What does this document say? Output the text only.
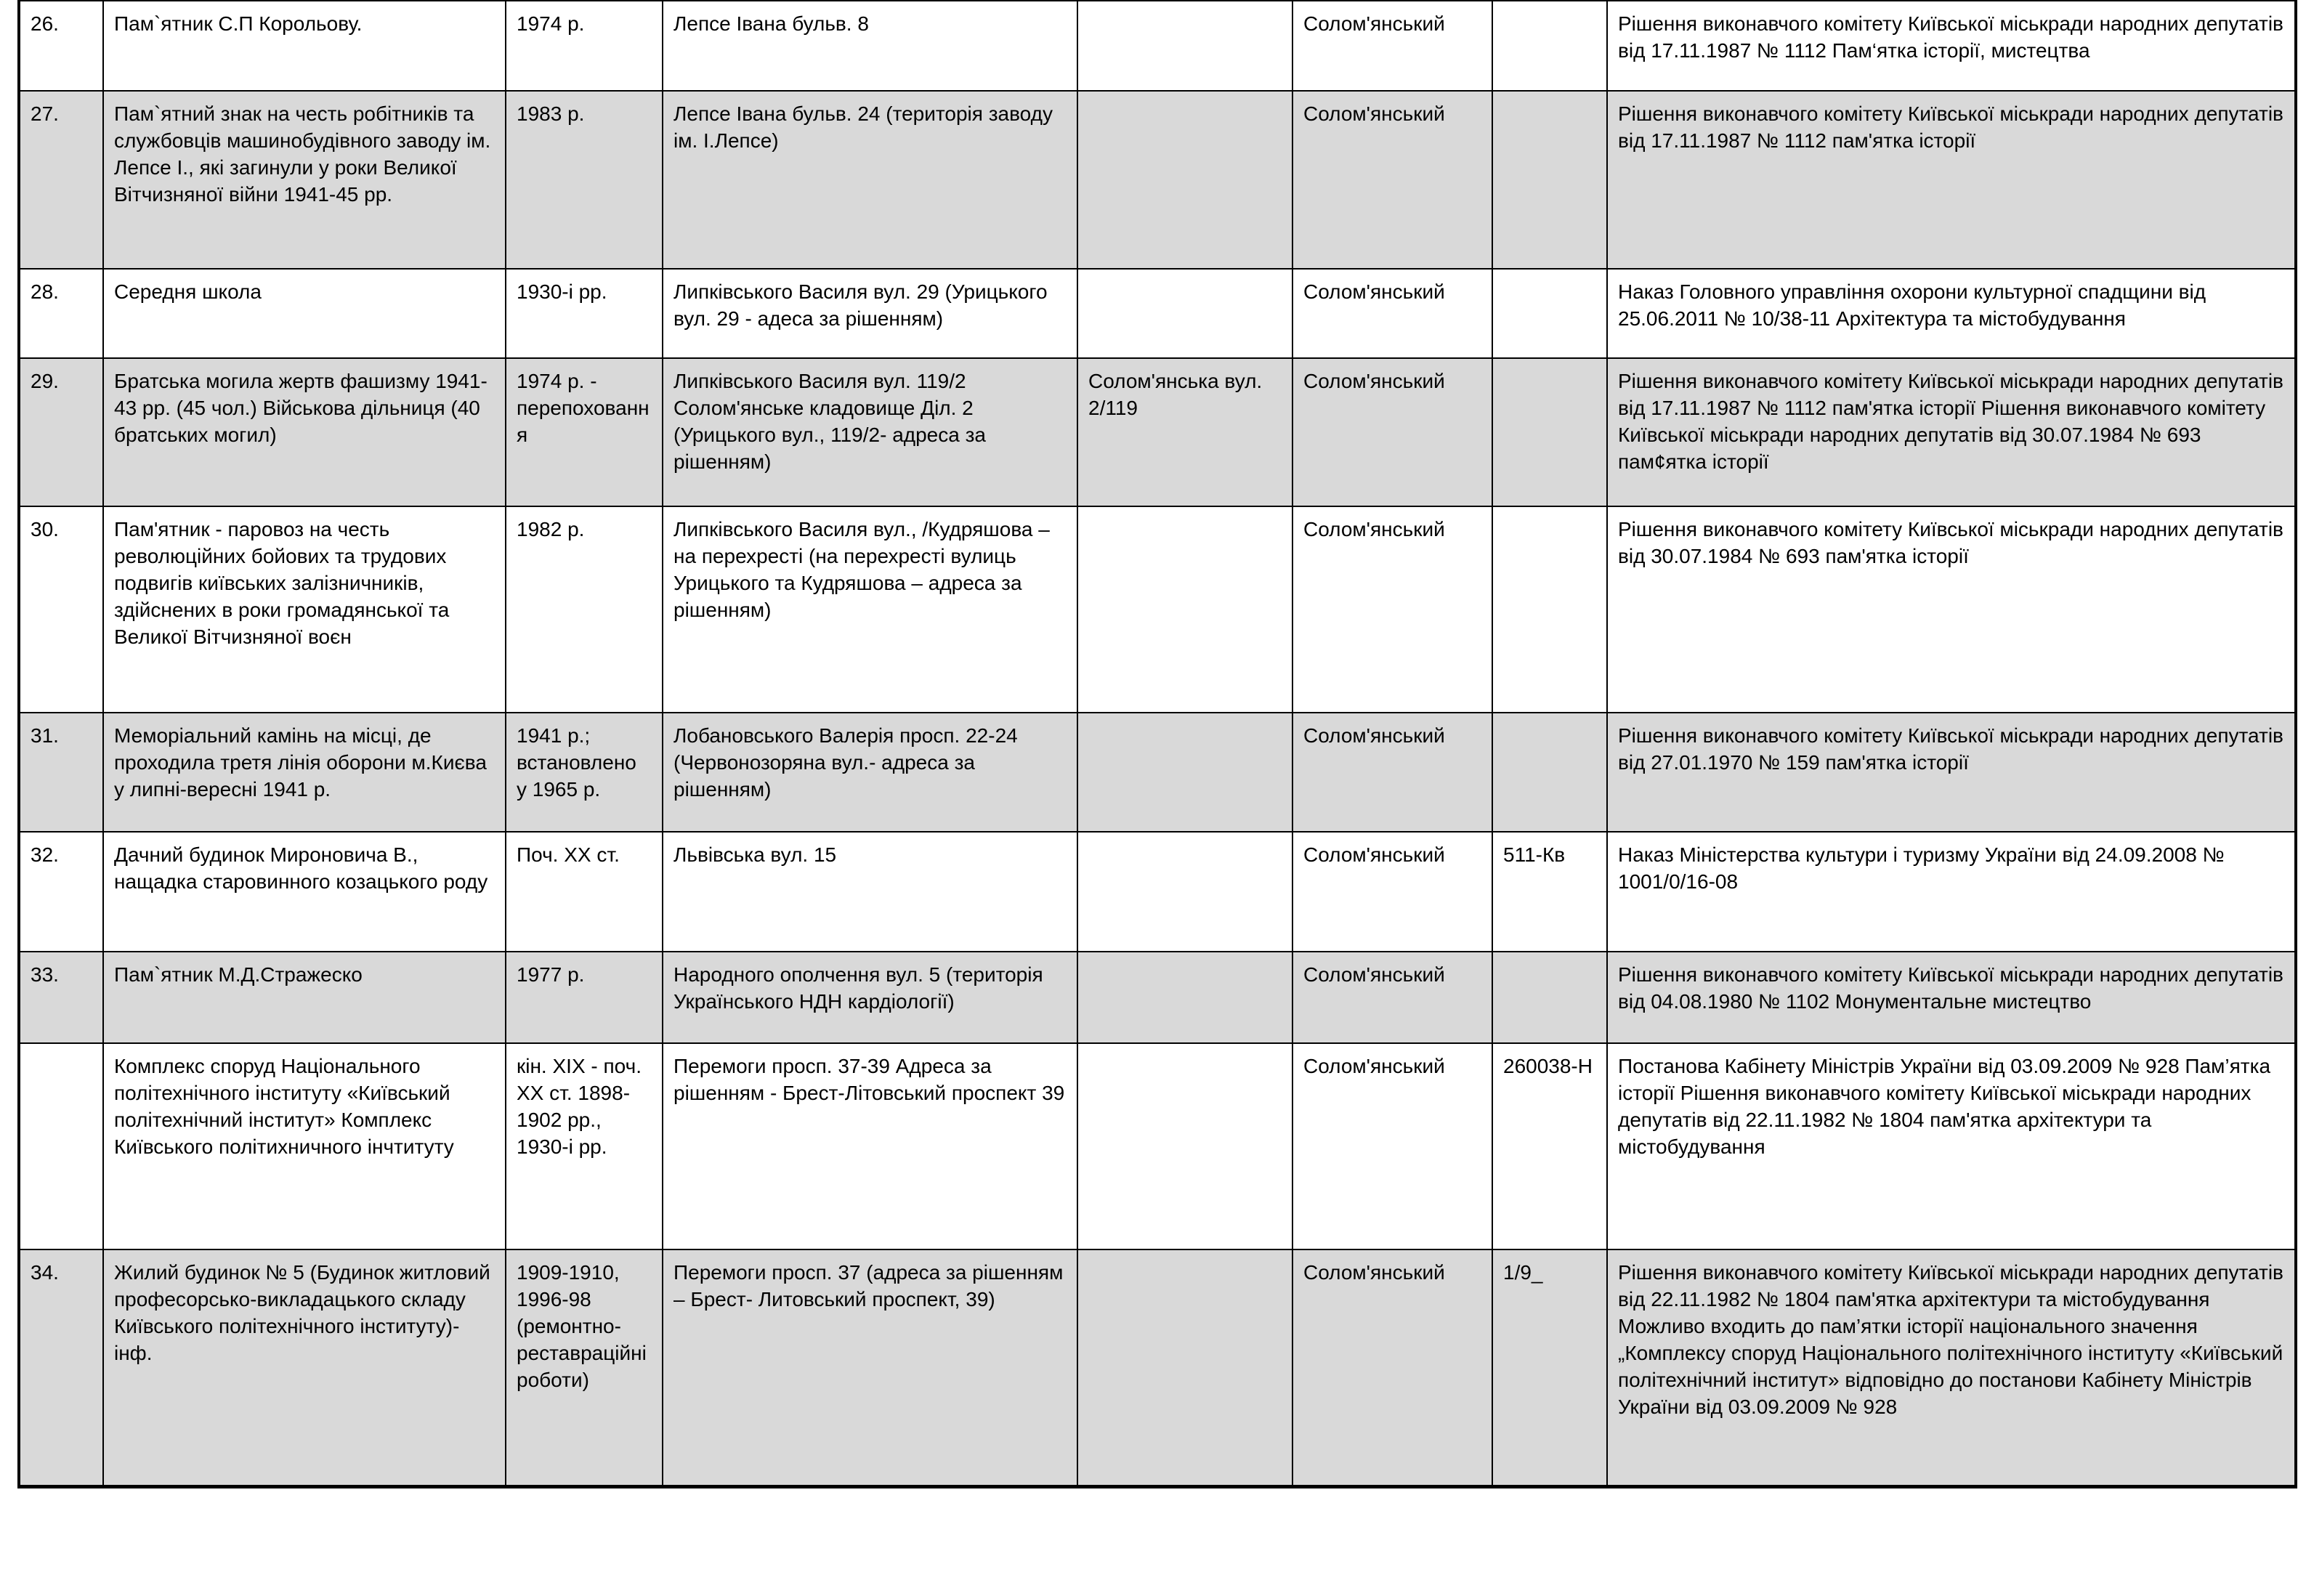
26.	Пам`ятник С.П Корольову.	1974 р.	Лепсе Івана бульв. 8		Солом'янський		Рішення виконавчого комітету Київської міськради народних депутатів від 17.11.1987 № 1112 Пам‘ятка історії, мистецтва
27.	Пам`ятний знак на честь робітників та службовців машинобудівного заводу ім. Лепсе І., які загинули у роки Великої Вітчизняної війни 1941-45 рр.	1983 р.	Лепсе Івана бульв. 24 (територія заводу ім. І.Лепсе)		Солом'янський		Рішення виконавчого комітету Київської міськради народних депутатів від 17.11.1987 № 1112 пам'ятка історії
28.	Середня школа	1930-і рр.	Липківського Василя вул. 29 (Урицького вул. 29 - адеса за рішенням)		Солом'янський		Наказ Головного управління охорони культурної спадщини від 25.06.2011 № 10/38-11 Архітектура та містобудування
29.	Братська могила жертв фашизму 1941-43 рр. (45 чол.) Військова дільниця (40 братських могил)	1974 р. - перепохованн я	Липківського Василя вул. 119/2 Солом'янське кладовище Діл. 2 (Урицького вул., 119/2- адреса за рішенням)	Солом'янська вул. 2/119	Солом'янський		Рішення виконавчого комітету Київської міськради народних депутатів від 17.11.1987 № 1112 пам'ятка історії Рішення виконавчого комітету Київської міськради народних депутатів від 30.07.1984 № 693 пам¢ятка історії
30.	Пам'ятник - паровоз на честь революційних бойових та трудових подвигів київських залізничників, здійснених в роки громадянської та Великої Вітчизняної воєн	1982 р.	Липківського Василя вул., /Кудряшова – на перехресті (на перехресті вулиць Урицького та Кудряшова – адреса за рішенням)		Солом'янський		Рішення виконавчого комітету Київської міськради народних депутатів від 30.07.1984 № 693 пам'ятка історії
31.	Меморіальний камінь на місці, де проходила третя лінія оборони м.Києва у липні-вересні 1941 р.	1941 р.; встановлено у 1965 р.	Лобановського Валерія просп. 22-24 (Червонозоряна вул.- адреса за рішенням)		Солом'янський		Рішення виконавчого комітету Київської міськради народних депутатів від 27.01.1970 № 159 пам'ятка історії
32.	Дачний будинок Мироновича В., нащадка старовинного козацького роду	Поч. ХХ ст.	Львівська вул. 15		Солом'янський	511-Кв	Наказ Міністерства культури і туризму України від 24.09.2008 № 1001/0/16-08
33.	Пам`ятник М.Д.Стражеско	1977 р.	Народного ополчення вул. 5 (територія Українського НДН кардіології)		Солом'янський		Рішення виконавчого комітету Київської міськради народних депутатів від 04.08.1980 № 1102 Монументальне мистецтво
	Комплекс споруд Національного політехнічного інституту «Київський політехнічний інститут» Комплекс Київського політихничного інчтитуту	кін. ХІХ - поч. ХХ ст. 1898-1902 рр., 1930-і рр.	Перемоги просп. 37-39 Адреса за рішенням - Брест-Літовський проспект 39		Солом'янський	260038-Н	Постанова Кабінету Міністрів України від 03.09.2009 № 928 Пам’ятка історії Рішення виконавчого комітету Київської міськради народних депутатів від 22.11.1982 № 1804 пам'ятка архітектури та містобудування
34.	Жилий будинок № 5 (Будинок житловий професорсько-викладацького складу Київського політехнічного інституту)-інф.	1909-1910, 1996-98 (ремонтно-реставраційні роботи)	Перемоги просп. 37 (адреса за рішенням – Брест- Литовський проспект, 39)		Солом'янський	1/9_	Рішення виконавчого комітету Київської міськради народних депутатів від 22.11.1982 № 1804 пам'ятка архітектури та містобудування Можливо входить до пам’ятки історії національного значення „Комплексу споруд Національного політехнічного інституту «Київський політехнічний інститут» відповідно до постанови Кабінету Міністрів України від 03.09.2009 № 928
